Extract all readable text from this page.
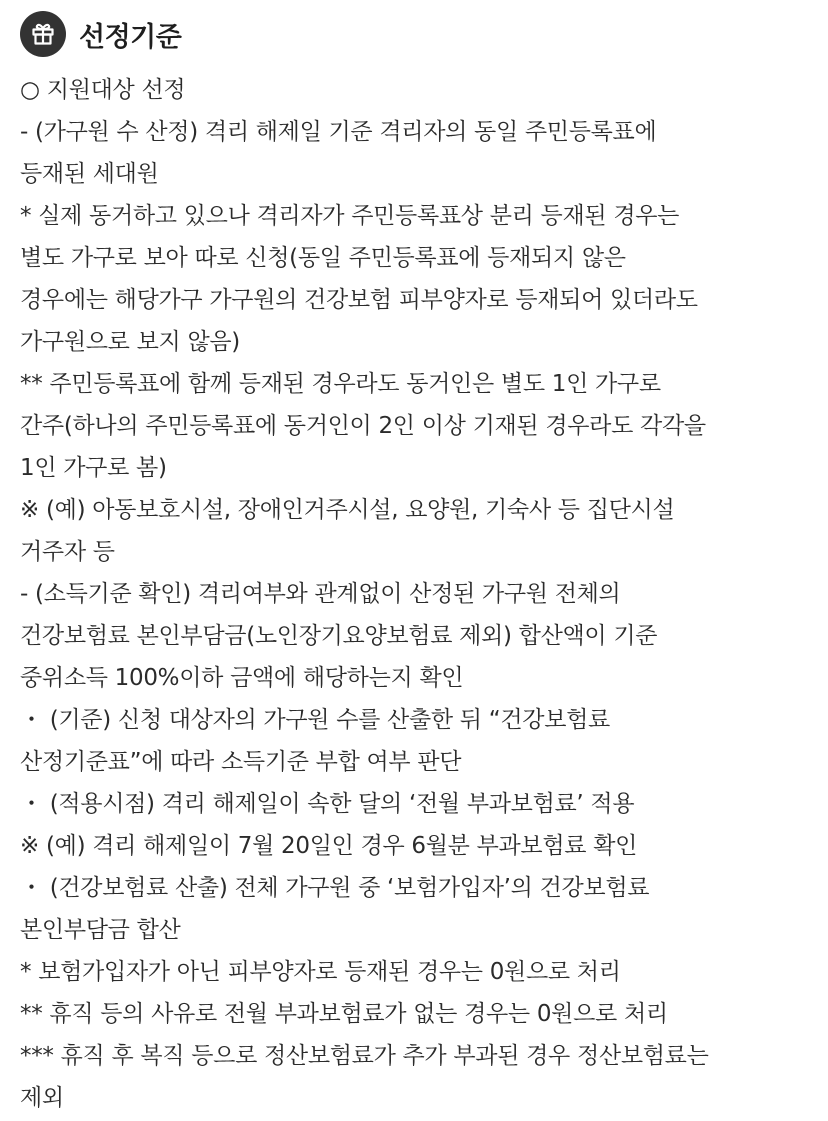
선정기준
○ 지원대상 선정
- (가구원 수 산정) 격리 해제일 기준 격리자의 동일 주민등록표에
등재된 세대원
* 실제 동거하고 있으나 격리자가 주민등록표상 분리 등재된 경우는
별도 가구로 보아 따로 신청(동일 주민등록표에 등재되지 않은
경우에는 해당가구 가구원의 건강보험 피부양자로 등재되어 있더라도
가구원으로 보지 않음)
** 주민등록표에 함께 등재된 경우라도 동거인은 별도 1인 가구로
간주(하나의 주민등록표에 동거인이 2인 이상 기재된 경우라도 각각을
1인 가구로 봄)
※ (예) 아동보호시설, 장애인거주시설, 요양원, 기숙사 등 집단시설
거주자 등
- (소득기준 확인) 격리여부와 관계없이 산정된 가구원 전체의
건강보험료 본인부담금(노인장기요양보험료 제외) 합산액이 기준
중위소득 100%이하 금액에 해당하는지 확인
・ (기준) 신청 대상자의 가구원 수를 산출한 뒤 “건강보험료
산정기준표”에 따라 소득기준 부합 여부 판단
・ (적용시점) 격리 해제일이 속한 달의 ‘전월 부과보험료’ 적용
※ (예) 격리 해제일이 7월 20일인 경우 6월분 부과보험료 확인
・ (건강보험료 산출) 전체 가구원 중 ‘보험가입자’의 건강보험료
본인부담금 합산
* 보험가입자가 아닌 피부양자로 등재된 경우는 0원으로 처리
** 휴직 등의 사유로 전월 부과보험료가 없는 경우는 0원으로 처리
*** 휴직 후 복직 등으로 정산보험료가 추가 부과된 경우 정산보험료는
제외
